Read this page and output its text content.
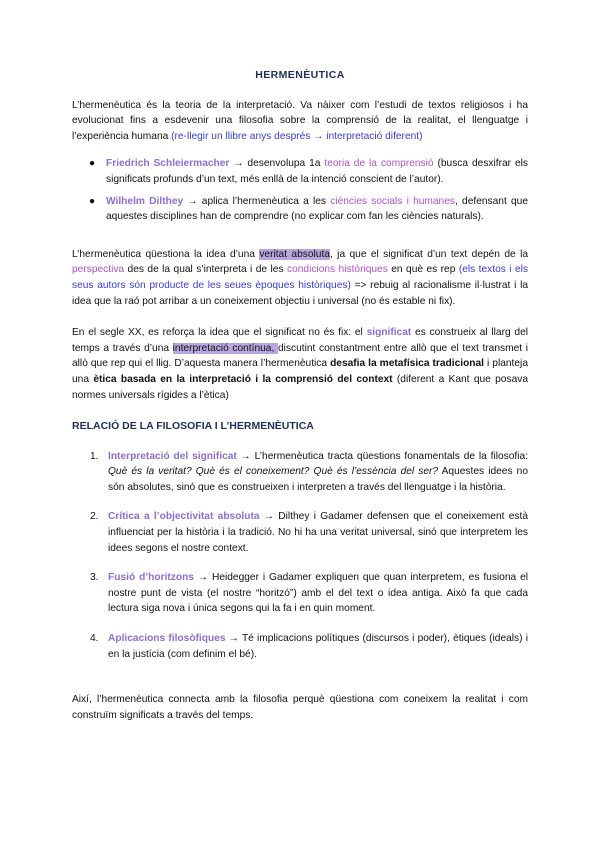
HERMENÈUTICA

L’hermenèutica és la teoria de la interpretació. Va nàixer com l’estudi de textos religiosos i ha evolucionat fins a esdevenir una filosofia sobre la comprensió de la realitat, el llenguatge i l’experiència humana (re-llegir un llibre anys després → interpretació diferent)

● Friedrich Schleiermacher → desenvolupa 1a teoria de la comprensió (busca desxifrar els significats profunds d’un text, més enllà de la intenció conscient de l’autor).
● Wilhelm Dilthey → aplica l’hermenèutica a les ciències socials i humanes, defensant que aquestes disciplines han de comprendre (no explicar com fan les ciències naturals).

L’hermenèutica qüestiona la idea d’una veritat absoluta, ja que el significat d’un text depén de la perspectiva des de la qual s’interpreta i de les condicions històriques en què es rep (els textos i els seus autors són producte de les seues èpoques històriques) => rebuig al racionalisme il·lustrat i la idea que la raó pot arribar a un coneixement objectiu i universal (no és estable ni fix).

En el segle XX, es reforça la idea que el significat no és fix: el significat es construeix al llarg del temps a través d’una interpretació contínua, discutint constantment entre allò que el text transmet i allò que rep qui el llig. D’aquesta manera l’hermenèutica desafia la metafísica tradicional i planteja una ètica basada en la interpretació i la comprensió del context (diferent a Kant que posava normes universals rígides a l’ètica)

RELACIÓ DE LA FILOSOFIA I L’HERMENÈUTICA
1. Interpretació del significat → L’hermenèutica tracta qüestions fonamentals de la filosofia: Què és la veritat? Què és el coneixement? Què és l’essència del ser? Aquestes idees no són absolutes, sinó que es construeixen i interpreten a través del llenguatge i la història.
2. Crítica a l’objectivitat absoluta → Dilthey i Gadamer defensen que el coneixement està influenciat per la història i la tradició. No hi ha una veritat universal, sinó que interpretem les idees segons el nostre context.
3. Fusió d’horitzons → Heidegger i Gadamer expliquen que quan interpretem, es fusiona el nostre punt de vista (el nostre “horitzó”) amb el del text o idea antiga. Això fa que cada lectura siga nova i única segons qui la fa i en quin moment.
4. Aplicacions filosòfiques → Té implicacions polítiques (discursos i poder), ètiques (ideals) i en la justícia (com definim el bé).

Així, l’hermenèutica connecta amb la filosofia perquè qüestiona com coneixem la realitat i com construïm significats a través del temps.
